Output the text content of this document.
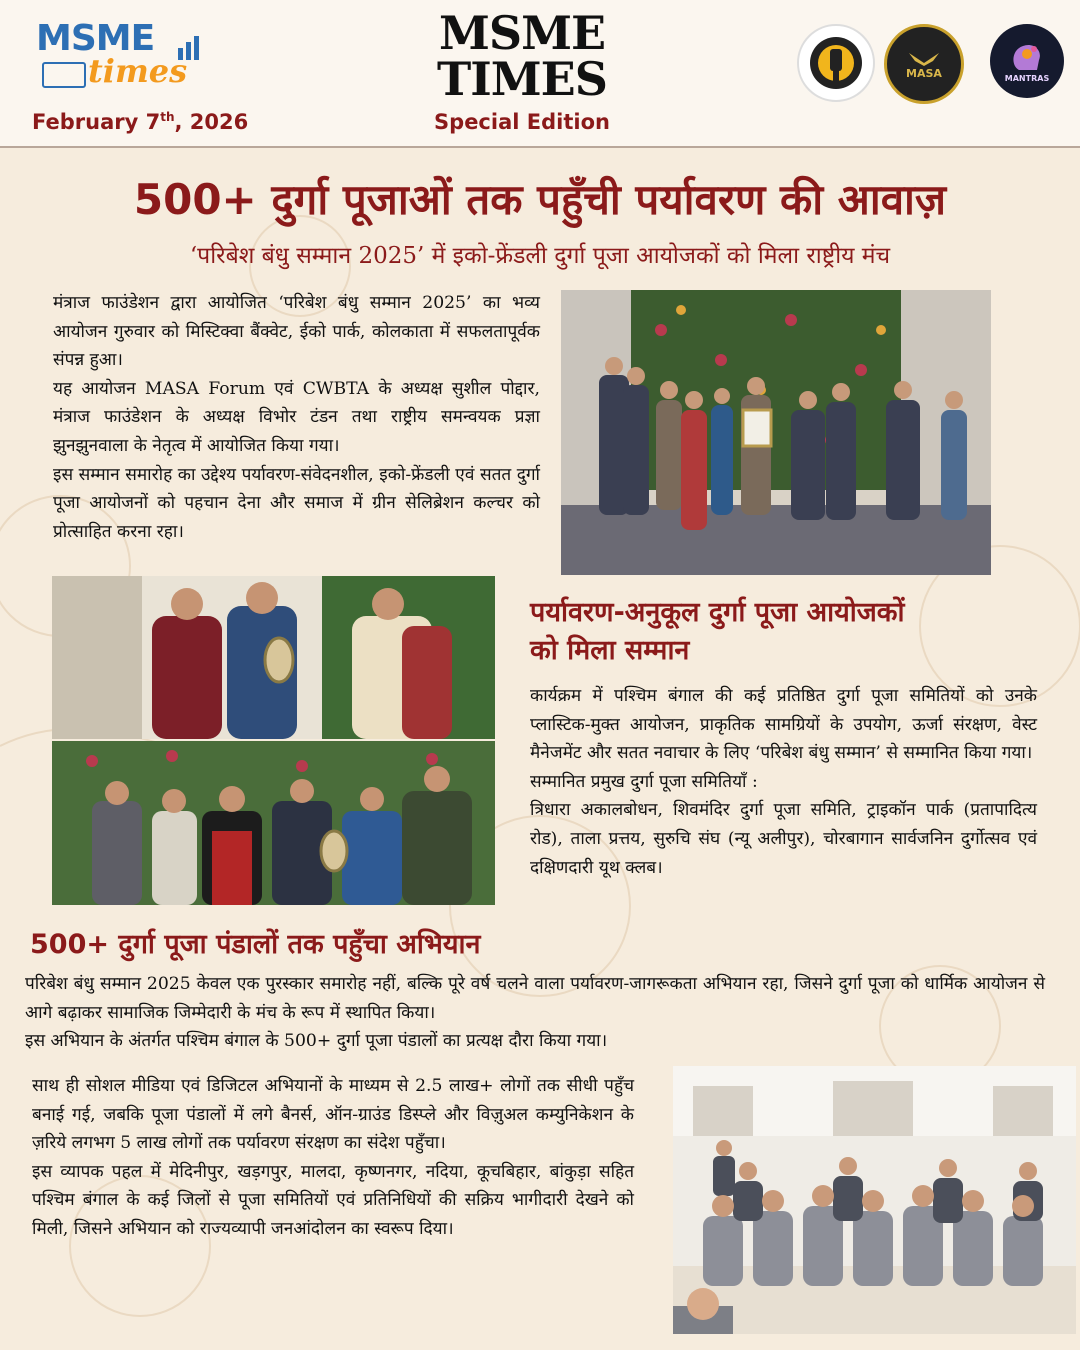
MSME
times
February 7th, 2026
MSME
TIMES
Special Edition
MASA	MANTRAS
500+ दुर्गा पूजाओं तक पहुँची पर्यावरण की आवाज़
‘परिबेश बंधु सम्मान 2025’ में इको-फ्रेंडली दुर्गा पूजा आयोजकों को मिला राष्ट्रीय मंच

मंत्राज फाउंडेशन द्वारा आयोजित ‘परिबेश बंधु सम्मान 2025’ का भव्य आयोजन गुरुवार को मिस्टिक्वा बैंक्वेट, ईको पार्क, कोलकाता में सफलतापूर्वक संपन्न हुआ।

यह आयोजन MASA Forum एवं CWBTA के अध्यक्ष सुशील पोद्दार, मंत्राज फाउंडेशन के अध्यक्ष विभोर टंडन तथा राष्ट्रीय समन्वयक प्रज्ञा झुनझुनवाला के नेतृत्व में आयोजित किया गया।

इस सम्मान समारोह का उद्देश्य पर्यावरण-संवेदनशील, इको-फ्रेंडली एवं सतत दुर्गा पूजा आयोजनों को पहचान देना और समाज में ग्रीन सेलिब्रेशन कल्चर को प्रोत्साहित करना रहा।

पर्यावरण-अनुकूल दुर्गा पूजा आयोजकों
को मिला सम्मान

कार्यक्रम में पश्चिम बंगाल की कई प्रतिष्ठित दुर्गा पूजा समितियों को उनके प्लास्टिक-मुक्त आयोजन, प्राकृतिक सामग्रियों के उपयोग, ऊर्जा संरक्षण, वेस्ट मैनेजमेंट और सतत नवाचार के लिए ‘परिबेश बंधु सम्मान’ से सम्मानित किया गया।

सम्मानित प्रमुख दुर्गा पूजा समितियाँ :

त्रिधारा अकालबोधन, शिवमंदिर दुर्गा पूजा समिति, ट्राइकॉन पार्क (प्रतापादित्य रोड), ताला प्रत्तय, सुरुचि संघ (न्यू अलीपुर), चोरबागान सार्वजनिन दुर्गोत्सव एवं दक्षिणदारी यूथ क्लब।

500+ दुर्गा पूजा पंडालों तक पहुँचा अभियान

परिबेश बंधु सम्मान 2025 केवल एक पुरस्कार समारोह नहीं, बल्कि पूरे वर्ष चलने वाला पर्यावरण-जागरूकता अभियान रहा, जिसने दुर्गा पूजा को धार्मिक आयोजन से आगे बढ़ाकर सामाजिक जिम्मेदारी के मंच के रूप में स्थापित किया।

इस अभियान के अंतर्गत पश्चिम बंगाल के 500+ दुर्गा पूजा पंडालों का प्रत्यक्ष दौरा किया गया।

साथ ही सोशल मीडिया एवं डिजिटल अभियानों के माध्यम से 2.5 लाख+ लोगों तक सीधी पहुँच बनाई गई, जबकि पूजा पंडालों में लगे बैनर्स, ऑन-ग्राउंड डिस्प्ले और विज़ुअल कम्युनिकेशन के ज़रिये लगभग 5 लाख लोगों तक पर्यावरण संरक्षण का संदेश पहुँचा।

इस व्यापक पहल में मेदिनीपुर, खड़गपुर, मालदा, कृष्णनगर, नदिया, कूचबिहार, बांकुड़ा सहित पश्चिम बंगाल के कई जिलों से पूजा समितियों एवं प्रतिनिधियों की सक्रिय भागीदारी देखने को मिली, जिसने अभियान को राज्यव्यापी जनआंदोलन का स्वरूप दिया।
